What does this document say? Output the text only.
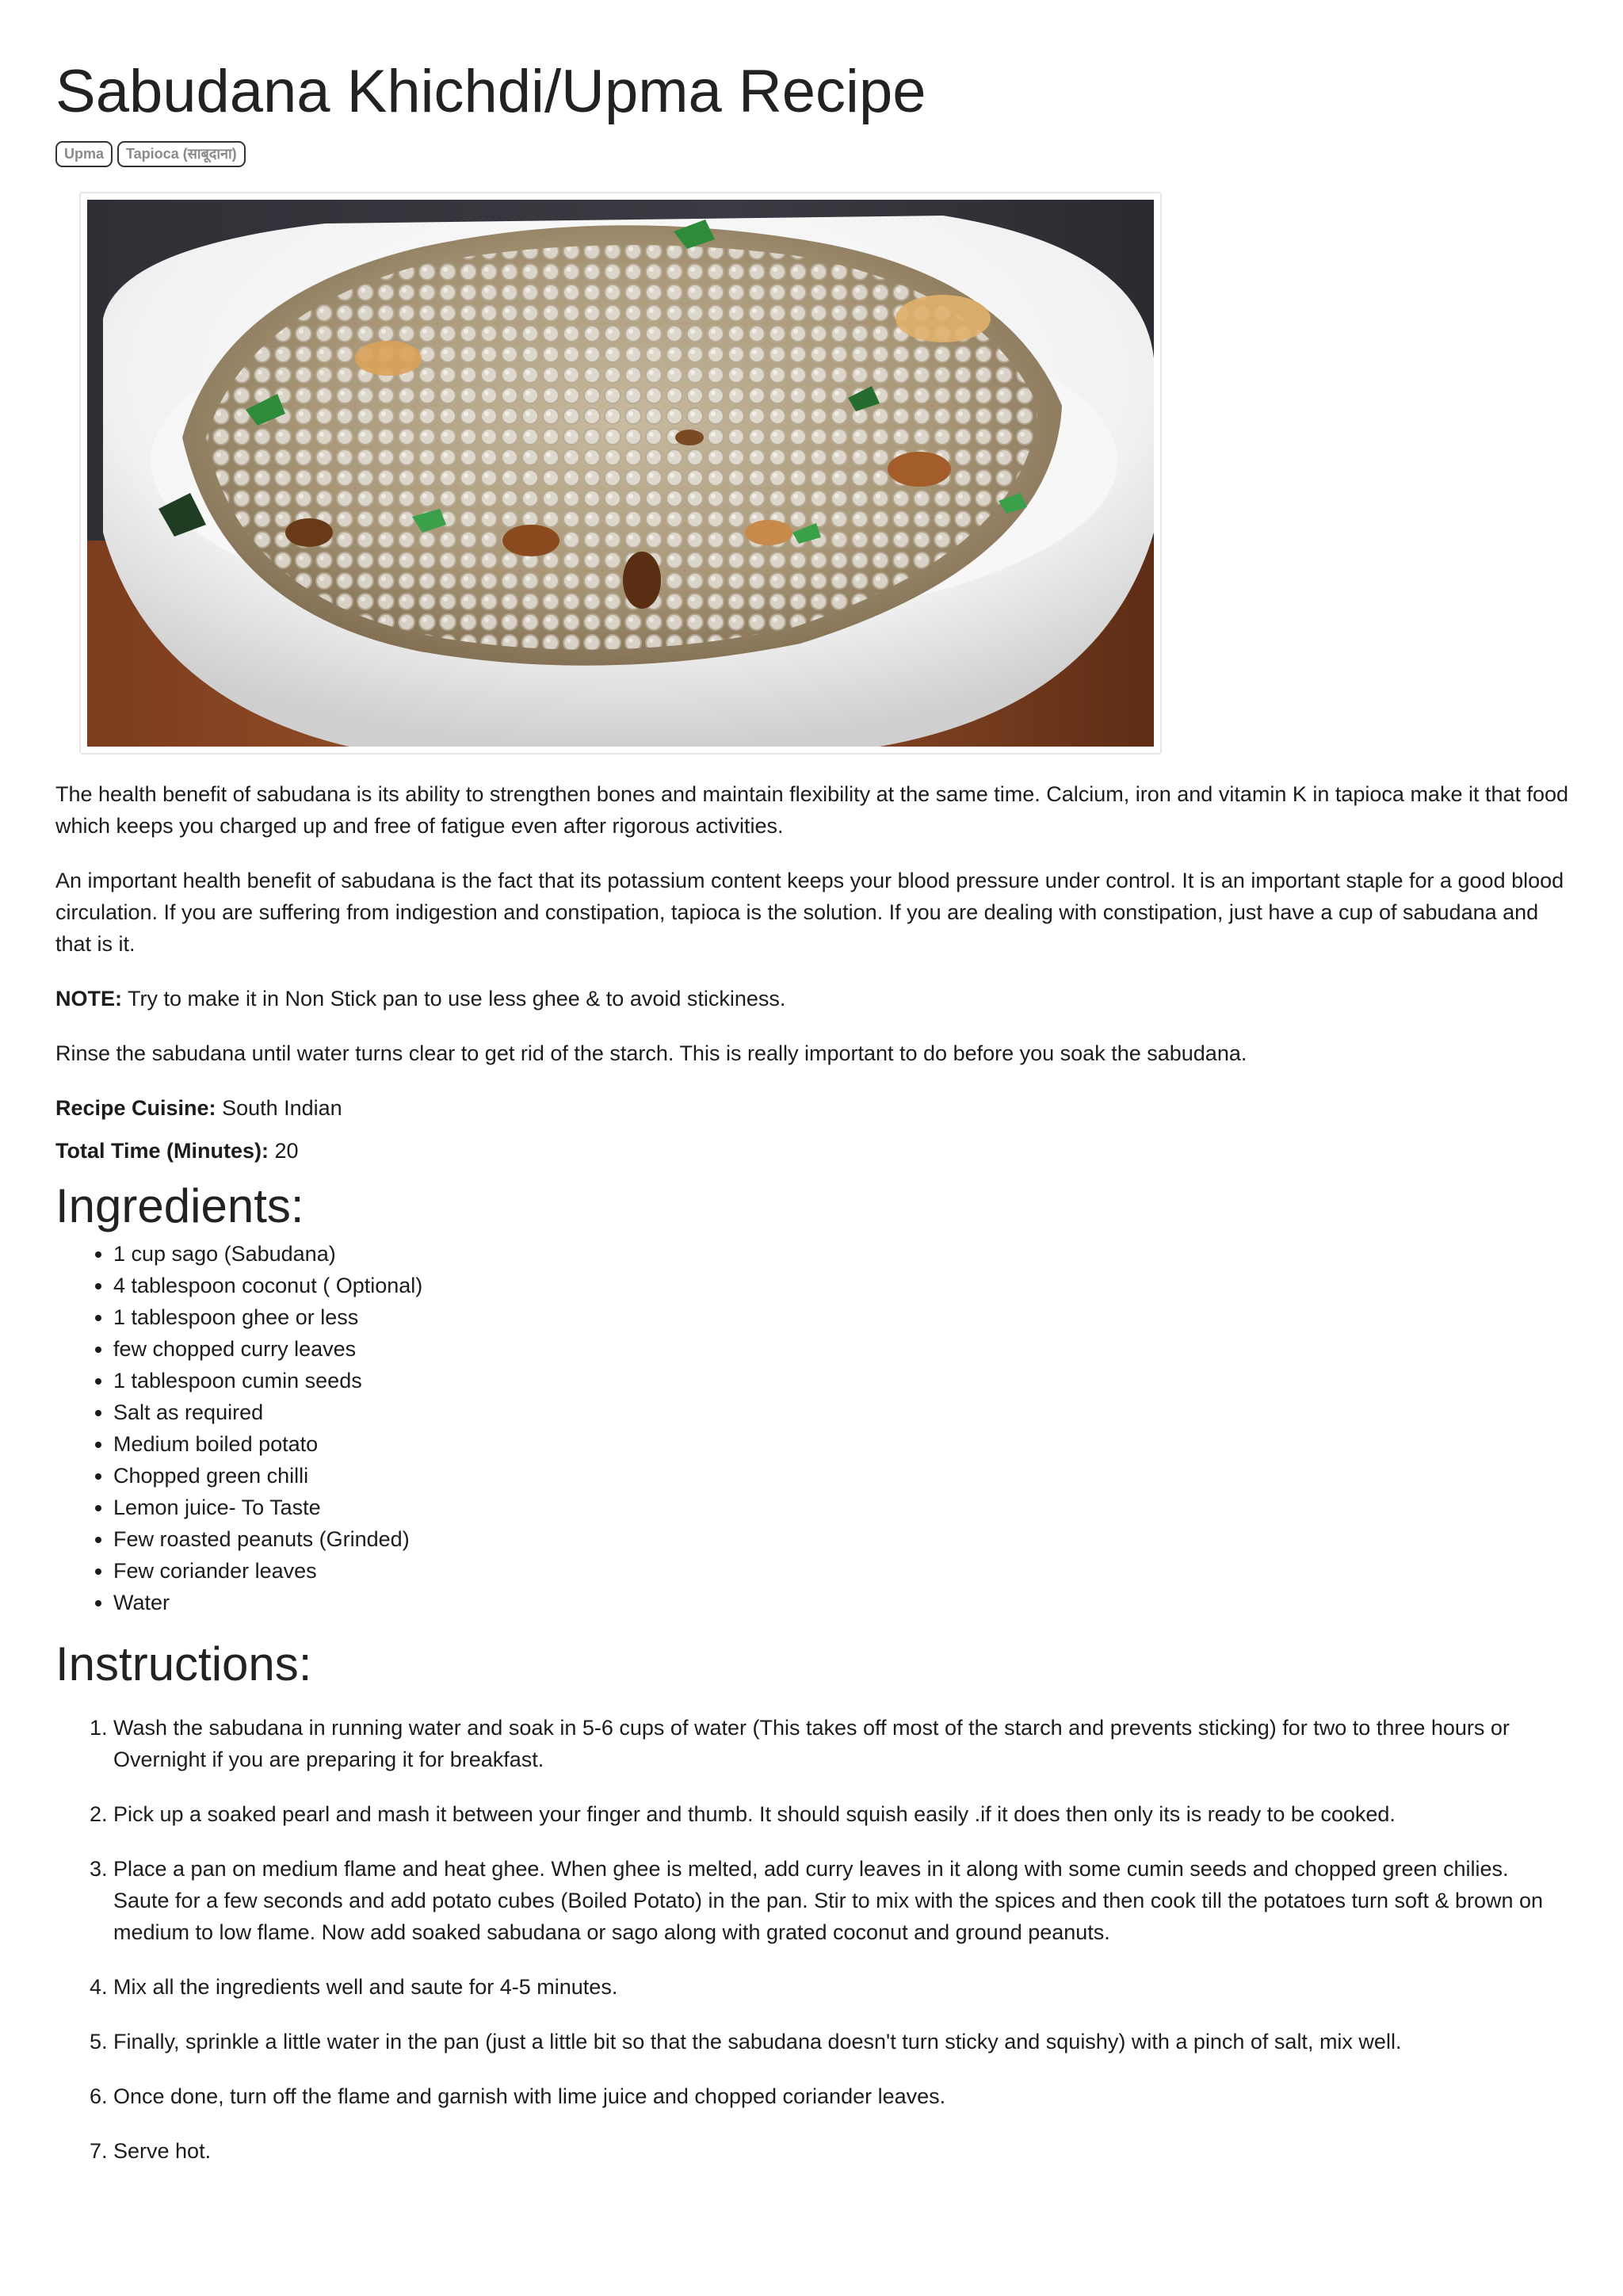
Sabudana Khichdi/Upma Recipe
Upma	Tapioca (साबूदाना)

The health benefit of sabudana is its ability to strengthen bones and maintain flexibility at the same time. Calcium, iron and vitamin K in tapioca make it that food which keeps you charged up and free of fatigue even after rigorous activities.

An important health benefit of sabudana is the fact that its potassium content keeps your blood pressure under control. It is an important staple for a good blood circulation. If you are suffering from indigestion and constipation, tapioca is the solution. If you are dealing with constipation, just have a cup of sabudana and that is it.

NOTE: Try to make it in Non Stick pan to use less ghee & to avoid stickiness.

Rinse the sabudana until water turns clear to get rid of the starch. This is really important to do before you soak the sabudana.

Recipe Cuisine: South Indian
Total Time (Minutes): 20
Ingredients:
• 1 cup sago (Sabudana)
• 4 tablespoon coconut ( Optional)
• 1 tablespoon ghee or less
• few chopped curry leaves
• 1 tablespoon cumin seeds
• Salt as required
• Medium boiled potato
• Chopped green chilli
• Lemon juice- To Taste
• Few roasted peanuts (Grinded)
• Few coriander leaves
• Water
Instructions:
1. Wash the sabudana in running water and soak in 5-6 cups of water (This takes off most of the starch and prevents sticking) for two to three hours or Overnight if you are preparing it for breakfast.
2. Pick up a soaked pearl and mash it between your finger and thumb. It should squish easily .if it does then only its is ready to be cooked.
3. Place a pan on medium flame and heat ghee. When ghee is melted, add curry leaves in it along with some cumin seeds and chopped green chilies. Saute for a few seconds and add potato cubes (Boiled Potato) in the pan. Stir to mix with the spices and then cook till the potatoes turn soft & brown on medium to low flame. Now add soaked sabudana or sago along with grated coconut and ground peanuts.
4. Mix all the ingredients well and saute for 4-5 minutes.
5. Finally, sprinkle a little water in the pan (just a little bit so that the sabudana doesn't turn sticky and squishy) with a pinch of salt, mix well.
6. Once done, turn off the flame and garnish with lime juice and chopped coriander leaves.
7. Serve hot.
